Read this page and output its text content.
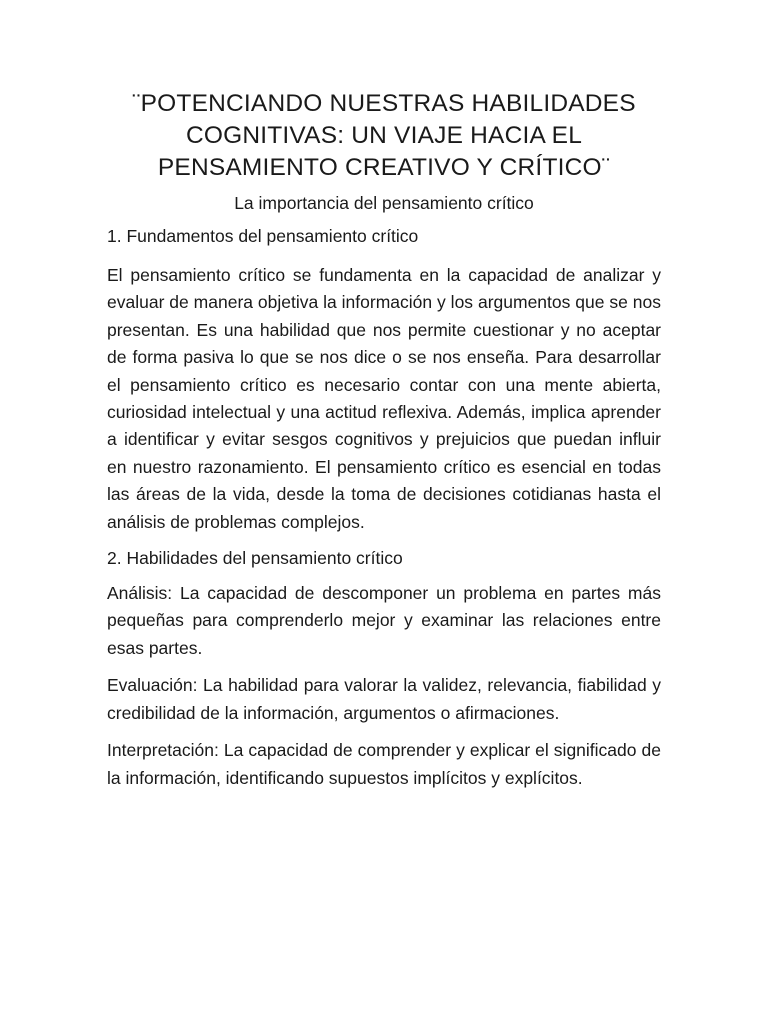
¨POTENCIANDO NUESTRAS HABILIDADES COGNITIVAS: UN VIAJE HACIA EL PENSAMIENTO CREATIVO Y CRÍTICO¨

La importancia del pensamiento crítico

1. Fundamentos del pensamiento crítico

El pensamiento crítico se fundamenta en la capacidad de analizar y evaluar de manera objetiva la información y los argumentos que se nos presentan. Es una habilidad que nos permite cuestionar y no aceptar de forma pasiva lo que se nos dice o se nos enseña. Para desarrollar el pensamiento crítico es necesario contar con una mente abierta, curiosidad intelectual y una actitud reflexiva. Además, implica aprender a identificar y evitar sesgos cognitivos y prejuicios que puedan influir en nuestro razonamiento. El pensamiento crítico es esencial en todas las áreas de la vida, desde la toma de decisiones cotidianas hasta el análisis de problemas complejos.

2. Habilidades del pensamiento crítico

Análisis: La capacidad de descomponer un problema en partes más pequeñas para comprenderlo mejor y examinar las relaciones entre esas partes.

Evaluación: La habilidad para valorar la validez, relevancia, fiabilidad y credibilidad de la información, argumentos o afirmaciones.

Interpretación: La capacidad de comprender y explicar el significado de la información, identificando supuestos implícitos y explícitos.
